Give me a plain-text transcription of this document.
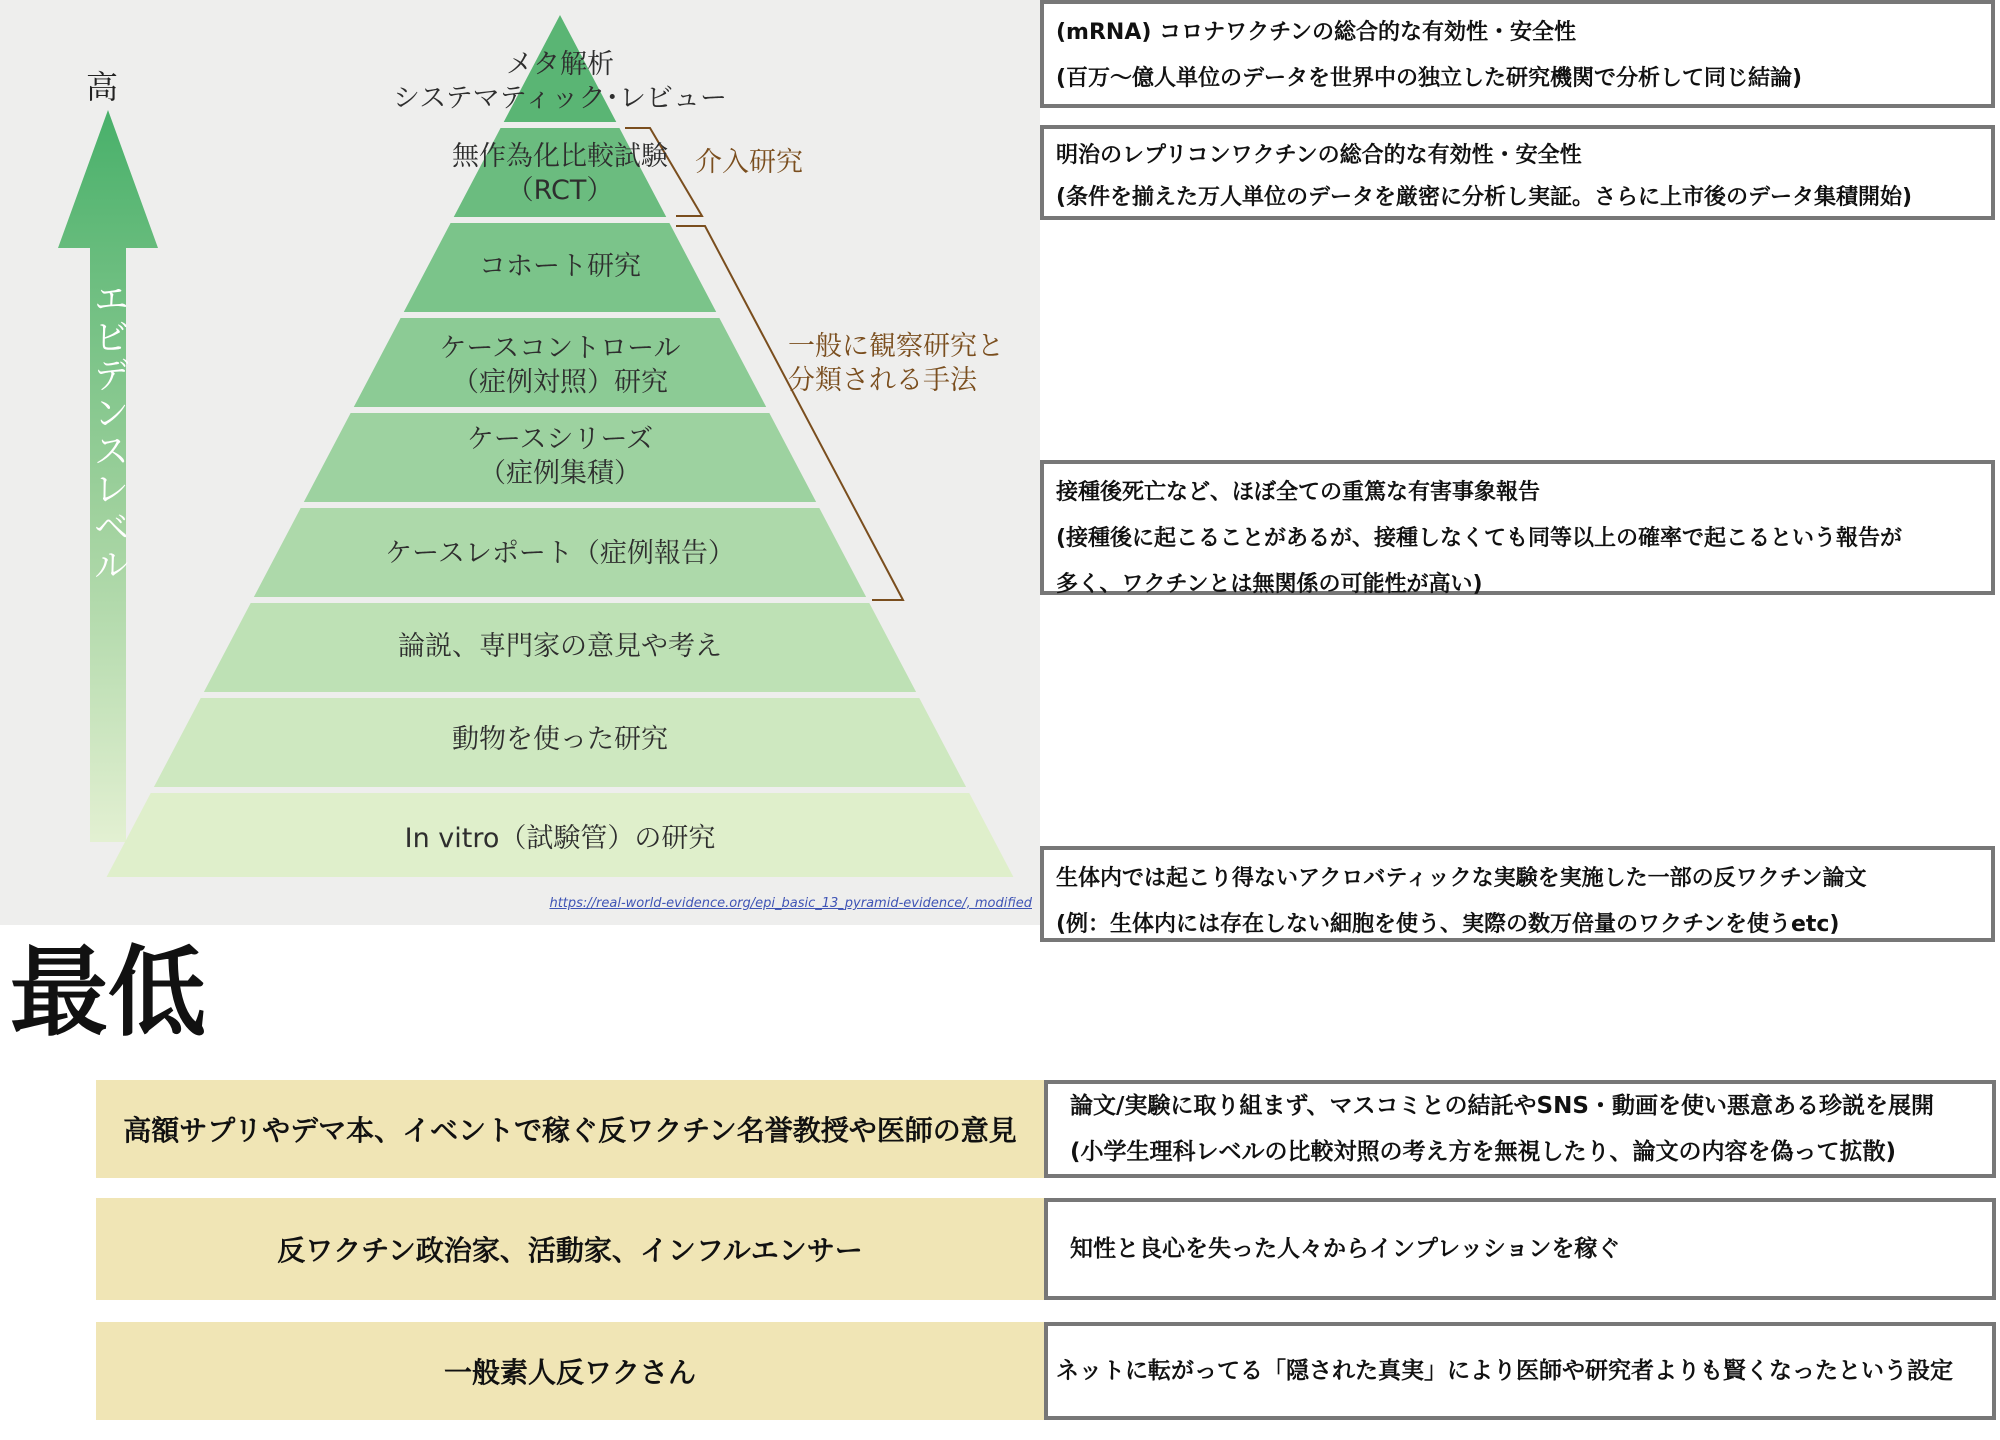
高
エビデンスレベル
メタ解析
システマティック･レビュー
無作為化比較試験
（RCT）
コホート研究
ケースコントロール
（症例対照）研究
ケースシリーズ
（症例集積）
ケースレポート（症例報告）
論説、専門家の意見や考え
動物を使った研究
In vitro（試験管）の研究
介入研究
一般に観察研究と
分類される手法
https://real-world-evidence.org/epi_basic_13_pyramid-evidence/, modified
(mRNA) コロナワクチンの総合的な有効性・安全性
(百万〜億人単位のデータを世界中の独立した研究機関で分析して同じ結論)
明治のレプリコンワクチンの総合的な有効性・安全性
(条件を揃えた万人単位のデータを厳密に分析し実証。さらに上市後のデータ集積開始)
接種後死亡など、ほぼ全ての重篤な有害事象報告
(接種後に起こることがあるが、接種しなくても同等以上の確率で起こるという報告が
多く、ワクチンとは無関係の可能性が高い)
生体内では起こり得ないアクロバティックな実験を実施した一部の反ワクチン論文
(例：生体内には存在しない細胞を使う、実際の数万倍量のワクチンを使うetc)
最低
高額サプリやデマ本、イベントで稼ぐ反ワクチン名誉教授や医師の意見
論文/実験に取り組まず、マスコミとの結託やSNS・動画を使い悪意ある珍説を展開
(小学生理科レベルの比較対照の考え方を無視したり、論文の内容を偽って拡散)
反ワクチン政治家、活動家、インフルエンサー	知性と良心を失った人々からインプレッションを稼ぐ
一般素人反ワクさん	ネットに転がってる「隠された真実」により医師や研究者よりも賢くなったという設定
